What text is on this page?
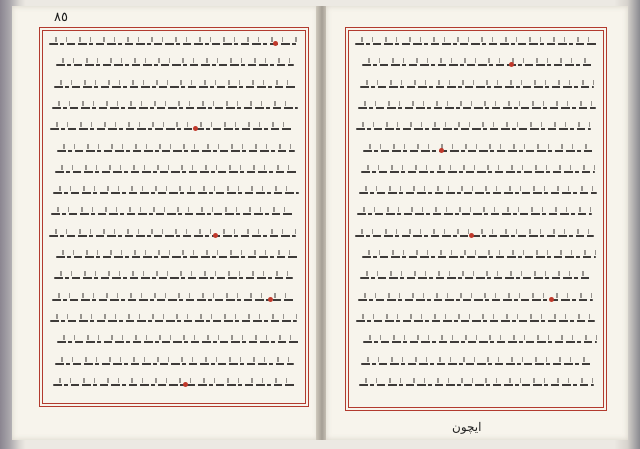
٨٥
ایچون
